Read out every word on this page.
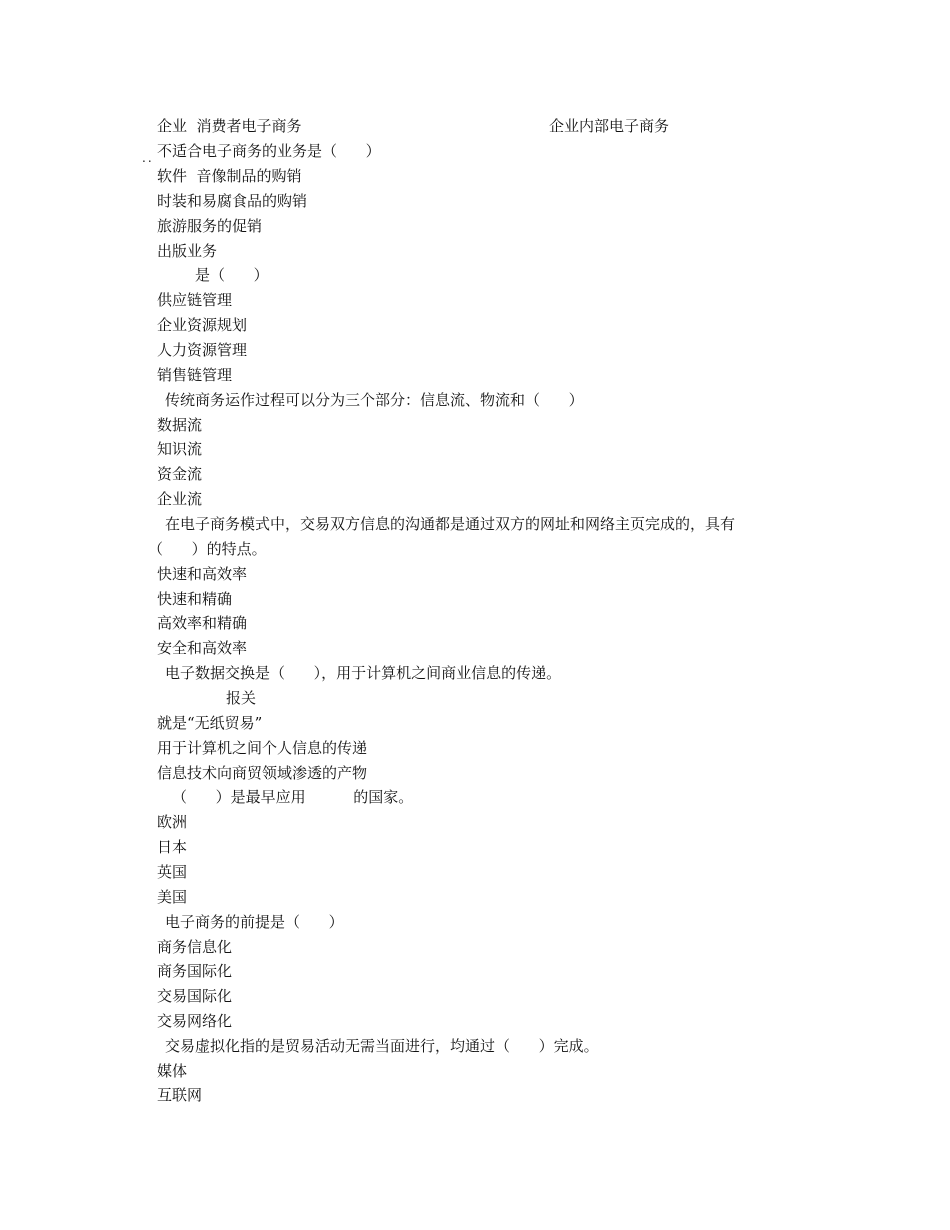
企业  消费者电子商务	企业内部电子商务
.. 不适合电子商务的业务是（      ）
软件  音像制品的购销
时装和易腐食品的购销
旅游服务的促销
出版业务
是（      ）
供应链管理
企业资源规划
人力资源管理
销售链管理
传统商务运作过程可以分为三个部分：信息流、物流和（      ）
数据流
知识流
资金流
企业流
在电子商务模式中，交易双方信息的沟通都是通过双方的网址和网络主页完成的，具有
（      ）的特点。
快速和高效率
快速和精确
高效率和精确
安全和高效率
电子数据交换是（      ），用于计算机之间商业信息的传递。
报关
就是“无纸贸易”
用于计算机之间个人信息的传递
信息技术向商贸领域渗透的产物
（      ）是最早应用          的国家。
欧洲
日本
英国
美国
电子商务的前提是（      ）
商务信息化
商务国际化
交易国际化
交易网络化
交易虚拟化指的是贸易活动无需当面进行，均通过（      ）完成。
媒体
互联网
